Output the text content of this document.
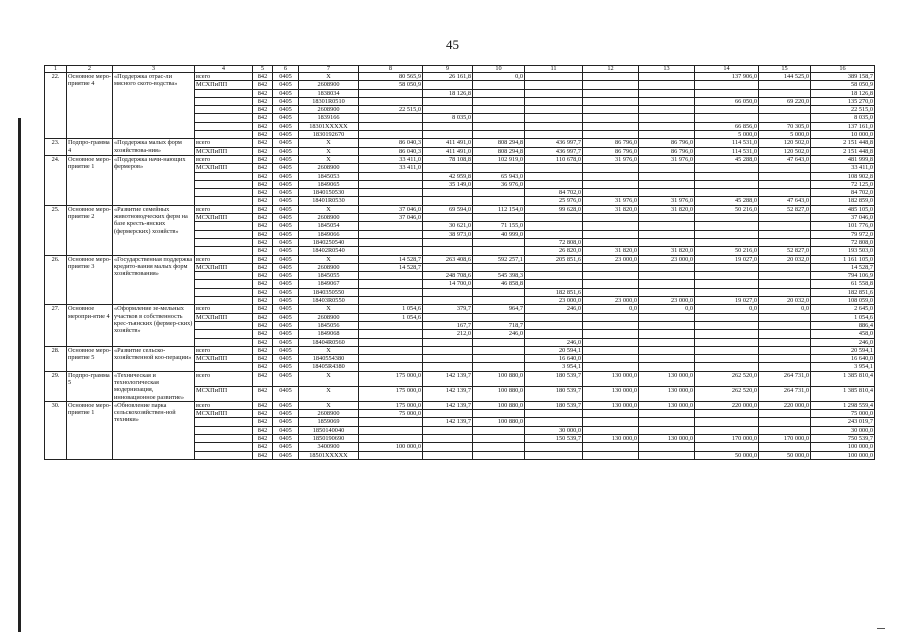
45
1	2	3	4	5	6	7	8	9	10	11	12	13	14	15	16
22.	Основное меро-приятие 4	«Поддержка отрас-ли мясного ското-водства»	всего	842	0405	X	80 565,9	26 161,8	0,0				137 906,0	144 525,0	389 158,7
			МСХПиПП	842	0405	2608900	58 050,9								58 050,9
				842	0405	1838034		18 126,8							18 126,8
				842	0405	18301R0510							66 050,0	69 220,0	135 270,0
				842	0405	2608900	22 515,0								22 515,0
				842	0405	1839166		8 035,0							8 035,0
				842	0405	18301XXXXX							66 856,0	70 305,0	137 161,0
				842	0405	1830192670							5 000,0	5 000,0	10 000,0
23.	Подпро-грамма 4	«Поддержка малых форм хозяйствова-ния»	всего	842	0405	X	86 040,3	411 491,0	808 294,8	436 997,7	86 796,0	86 796,0	114 531,0	120 502,0	2 151 448,8
			МСХПиПП	842	0405	X	86 040,3	411 491,0	808 294,8	436 997,7	86 796,0	86 796,0	114 531,0	120 502,0	2 151 448,8
24.	Основное меро-приятие 1	«Поддержка начи-нающих фермеров»	всего	842	0405	X	33 411,0	78 108,8	102 919,0	110 678,0	31 976,0	31 976,0	45 288,0	47 643,0	481 999,8
			МСХПиПП	842	0405	2608900	33 411,0								33 411,0
				842	0405	1845053		42 959,8	65 943,0						108 902,8
				842	0405	1849065		35 149,0	36 976,0						72 125,0
				842	0405	1840150530				84 702,0					84 702,0
				842	0405	18401R0530				25 976,0	31 976,0	31 976,0	45 288,0	47 643,0	182 859,0
25.	Основное меро-приятие 2	«Развитие семейных животноводческих ферм на базе кресть-янских (фермерских) хозяйств»	всего	842	0405	X	37 046,0	69 594,0	112 154,0	99 628,0	31 820,0	31 820,0	50 216,0	52 827,0	485 105,0
			МСХПиПП	842	0405	2608900	37 046,0								37 046,0
				842	0405	1845054		30 621,0	71 155,0						101 776,0
				842	0405	1849066		38 973,0	40 999,0						79 972,0
				842	0405	1840250540				72 808,0					72 808,0
				842	0405	18402R0540				26 820,0	31 820,0	31 820,0	50 216,0	52 827,0	193 503,0
26.	Основное меро-приятие 3	«Государственная поддержка кредито-вания малых форм хозяйствования»	всего	842	0405	X	14 528,7	263 408,6	592 257,1	205 851,6	23 000,0	23 000,0	19 027,0	20 032,0	1 161 105,0
			МСХПиПП	842	0405	2608900	14 528,7								14 528,7
				842	0405	1845055		248 708,6	545 398,3						794 106,9
				842	0405	1849067		14 700,0	46 858,8						61 558,8
				842	0405	1840350550				182 851,6					182 851,6
				842	0405	18403R0550				23 000,0	23 000,0	23 000,0	19 027,0	20 032,0	108 059,0
27.	Основное меропри-ятие 4	«Оформление зе-мельных участков в собственность крес-тьянских (фермер-ских) хозяйств»	всего	842	0405	X	1 054,6	379,7	964,7	246,0	0,0	0,0	0,0	0,0	2 645,0
			МСХПиПП	842	0405	2608900	1 054,6								1 054,6
				842	0405	1845056		167,7	718,7						886,4
				842	0405	1849068		212,0	246,0						458,0
				842	0405	18404R0560				246,0					246,0
28.	Основное меро-приятие 5	«Развитие сельско-хозяйственной коо-перации»	всего	842	0405	X				20 594,1					20 594,1
			МСХПиПП	842	0405	1840554380				16 640,0					16 640,0
				842	0405	18405R4380				3 954,1					3 954,1
29.	Подпро-грамма 5	«Техническая и технологическая модернизация, инновационное развитие»	всего	842	0405	X	175 000,0	142 139,7	100 880,0	180 539,7	130 000,0	130 000,0	262 520,0	264 731,0	1 385 810,4
			МСХПиПП	842	0405	X	175 000,0	142 139,7	100 880,0	180 539,7	130 000,0	130 000,0	262 520,0	264 731,0	1 385 810,4
30.	Основное меро-приятие 1	«Обновление парка сельскохозяйствен-ной техники»	всего	842	0405	X	175 000,0	142 139,7	100 880,0	180 539,7	130 000,0	130 000,0	220 000,0	220 000,0	1 298 559,4
			МСХПиПП	842	0405	2608900	75 000,0								75 000,0
				842	0405	1859069		142 139,7	100 880,0						243 019,7
				842	0405	1850140040				30 000,0					30 000,0
				842	0405	1850190690				150 539,7	130 000,0	130 000,0	170 000,0	170 000,0	750 539,7
				842	0405	3400900	100 000,0								100 000,0
				842	0405	18501XXXXX							50 000,0	50 000,0	100 000,0
